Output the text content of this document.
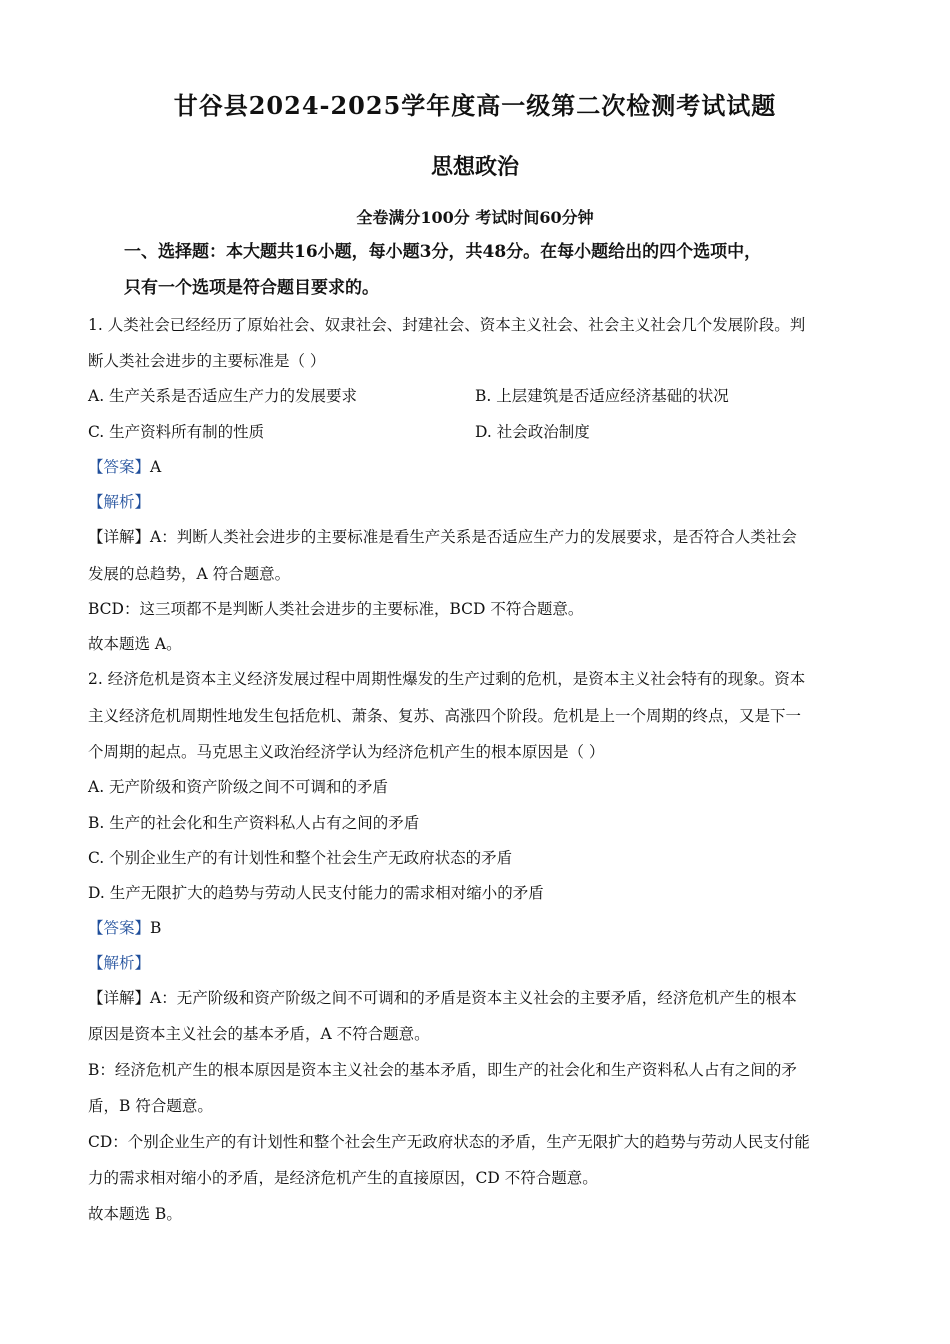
甘谷县2024-2025学年度高一级第二次检测考试试题
思想政治
全卷满分100分 考试时间60分钟
一、选择题：本大题共16小题，每小题3分，共48分。在每小题给出的四个选项中，
只有一个选项是符合题目要求的。
1. 人类社会已经经历了原始社会、奴隶社会、封建社会、资本主义社会、社会主义社会几个发展阶段。判
断人类社会进步的主要标准是（ ）
A. 生产关系是否适应生产力的发展要求	B. 上层建筑是否适应经济基础的状况
C. 生产资料所有制的性质	D. 社会政治制度
【答案】A
【解析】
【详解】A：判断人类社会进步的主要标准是看生产关系是否适应生产力的发展要求，是否符合人类社会
发展的总趋势，A 符合题意。
BCD：这三项都不是判断人类社会进步的主要标准，BCD 不符合题意。
故本题选 A。
2. 经济危机是资本主义经济发展过程中周期性爆发的生产过剩的危机，是资本主义社会特有的现象。资本
主义经济危机周期性地发生包括危机、萧条、复苏、高涨四个阶段。危机是上一个周期的终点，又是下一
个周期的起点。马克思主义政治经济学认为经济危机产生的根本原因是（ ）
A. 无产阶级和资产阶级之间不可调和的矛盾
B. 生产的社会化和生产资料私人占有之间的矛盾
C. 个别企业生产的有计划性和整个社会生产无政府状态的矛盾
D. 生产无限扩大的趋势与劳动人民支付能力的需求相对缩小的矛盾
【答案】B
【解析】
【详解】A：无产阶级和资产阶级之间不可调和的矛盾是资本主义社会的主要矛盾，经济危机产生的根本
原因是资本主义社会的基本矛盾，A 不符合题意。
B：经济危机产生的根本原因是资本主义社会的基本矛盾，即生产的社会化和生产资料私人占有之间的矛
盾，B 符合题意。
CD：个别企业生产的有计划性和整个社会生产无政府状态的矛盾，生产无限扩大的趋势与劳动人民支付能
力的需求相对缩小的矛盾，是经济危机产生的直接原因，CD 不符合题意。
故本题选 B。
